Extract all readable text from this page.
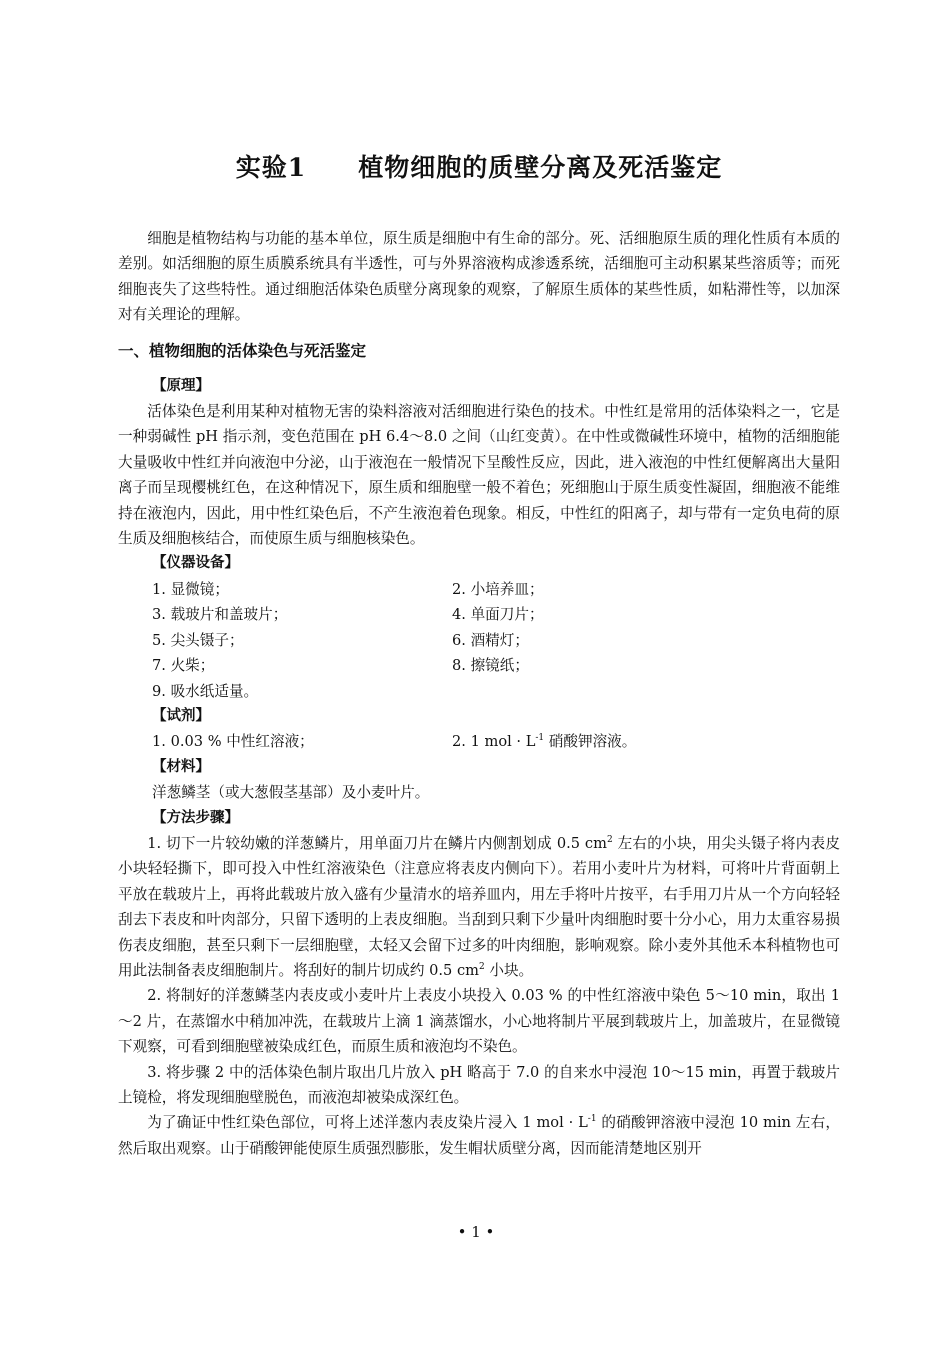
实验1　　植物细胞的质壁分离及死活鉴定

细胞是植物结构与功能的基本单位，原生质是细胞中有生命的部分。死、活细胞原生质的理化性质有本质的差别。如活细胞的原生质膜系统具有半透性，可与外界溶液构成渗透系统，活细胞可主动积累某些溶质等；而死细胞丧失了这些特性。通过细胞活体染色质壁分离现象的观察，了解原生质体的某些性质，如粘滞性等，以加深对有关理论的理解。

一、植物细胞的活体染色与死活鉴定
【原理】

活体染色是利用某种对植物无害的染料溶液对活细胞进行染色的技术。中性红是常用的活体染料之一，它是一种弱碱性 pH 指示剂，变色范围在 pH 6.4～8.0 之间（山红变黄）。在中性或微碱性环境中，植物的活细胞能大量吸收中性红并向液泡中分泌，山于液泡在一般情况下呈酸性反应，因此，进入液泡的中性红便解离出大量阳离子而呈现樱桃红色，在这种情况下，原生质和细胞壁一般不着色；死细胞山于原生质变性凝固，细胞液不能维持在液泡内，因此，用中性红染色后，不产生液泡着色现象。相反，中性红的阳离子，却与带有一定负电荷的原生质及细胞核结合，而使原生质与细胞核染色。

【仪器设备】
1. 显微镜；	2. 小培养皿；
3. 载玻片和盖玻片；	4. 单面刀片；
5. 尖头镊子；	6. 酒精灯；
7. 火柴；	8. 擦镜纸；

9. 吸水纸适量。

【试剂】
1. 0.03 % 中性红溶液；	2. 1 mol · $L^{-1}$ 硝酸钾溶液。
【材料】

洋葱鳞茎（或大葱假茎基部）及小麦叶片。

【方法步骤】

1. 切下一片较幼嫩的洋葱鳞片，用单面刀片在鳞片内侧割划成 0.5 $cm^2$ 左右的小块，用尖头镊子将内表皮小块轻轻撕下，即可投入中性红溶液染色（注意应将表皮内侧向下）。若用小麦叶片为材料，可将叶片背面朝上平放在载玻片上，再将此载玻片放入盛有少量清水的培养皿内，用左手将叶片按平，右手用刀片从一个方向轻轻刮去下表皮和叶肉部分，只留下透明的上表皮细胞。当刮到只剩下少量叶肉细胞时要十分小心，用力太重容易损伤表皮细胞，甚至只剩下一层细胞壁，太轻又会留下过多的叶肉细胞，影响观察。除小麦外其他禾本科植物也可用此法制备表皮细胞制片。将刮好的制片切成约 0.5 $cm^2$ 小块。

2. 将制好的洋葱鳞茎内表皮或小麦叶片上表皮小块投入 0.03 % 的中性红溶液中染色 5～10 min，取出 1～2 片，在蒸馏水中稍加冲洗，在载玻片上滴 1 滴蒸馏水，小心地将制片平展到载玻片上，加盖玻片，在显微镜下观察，可看到细胞壁被染成红色，而原生质和液泡均不染色。

3. 将步骤 2 中的活体染色制片取出几片放入 pH 略高于 7.0 的自来水中浸泡 10～15 min，再置于载玻片上镜检，将发现细胞壁脱色，而液泡却被染成深红色。

为了确证中性红染色部位，可将上述洋葱内表皮染片浸入 1 mol · $L^{-1}$ 的硝酸钾溶液中浸泡 10 min 左右，然后取出观察。山于硝酸钾能使原生质强烈膨胀，发生帽状质壁分离，因而能清楚地区别开

• 1 •
